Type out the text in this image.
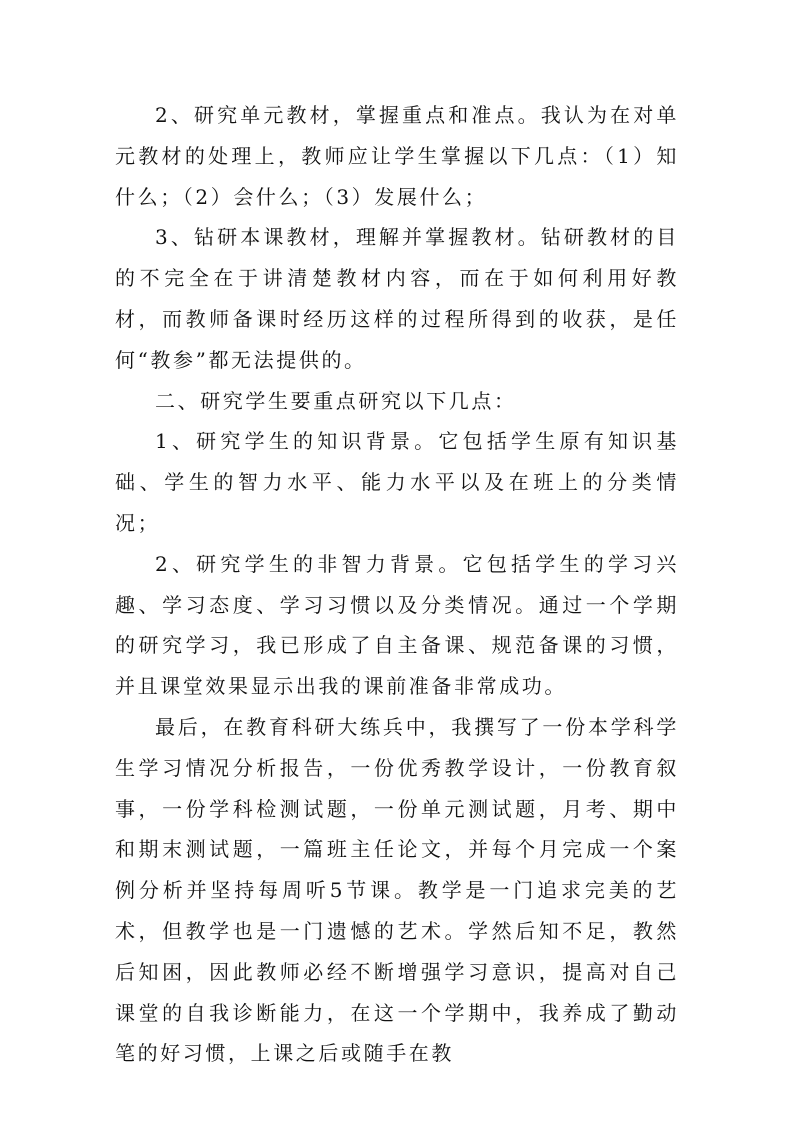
2、研究单元教材，掌握重点和准点。我认为在对单元教材的处理上，教师应让学生掌握以下几点：（1）知什么；（2）会什么；（3）发展什么；

3、钻研本课教材，理解并掌握教材。钻研教材的目的不完全在于讲清楚教材内容，而在于如何利用好教材，而教师备课时经历这样的过程所得到的收获，是任何“教参”都无法提供的。

二、研究学生要重点研究以下几点：

1、研究学生的知识背景。它包括学生原有知识基础、学生的智力水平、能力水平以及在班上的分类情况；

2、研究学生的非智力背景。它包括学生的学习兴趣、学习态度、学习习惯以及分类情况。通过一个学期的研究学习，我已形成了自主备课、规范备课的习惯，并且课堂效果显示出我的课前准备非常成功。

最后，在教育科研大练兵中，我撰写了一份本学科学生学习情况分析报告，一份优秀教学设计，一份教育叙事，一份学科检测试题，一份单元测试题，月考、期中和期末测试题，一篇班主任论文，并每个月完成一个案例分析并坚持每周听5节课。教学是一门追求完美的艺术，但教学也是一门遗憾的艺术。学然后知不足，教然后知困，因此教师必经不断增强学习意识，提高对自己课堂的自我诊断能力，在这一个学期中，我养成了勤动笔的好习惯，上课之后或随手在教
